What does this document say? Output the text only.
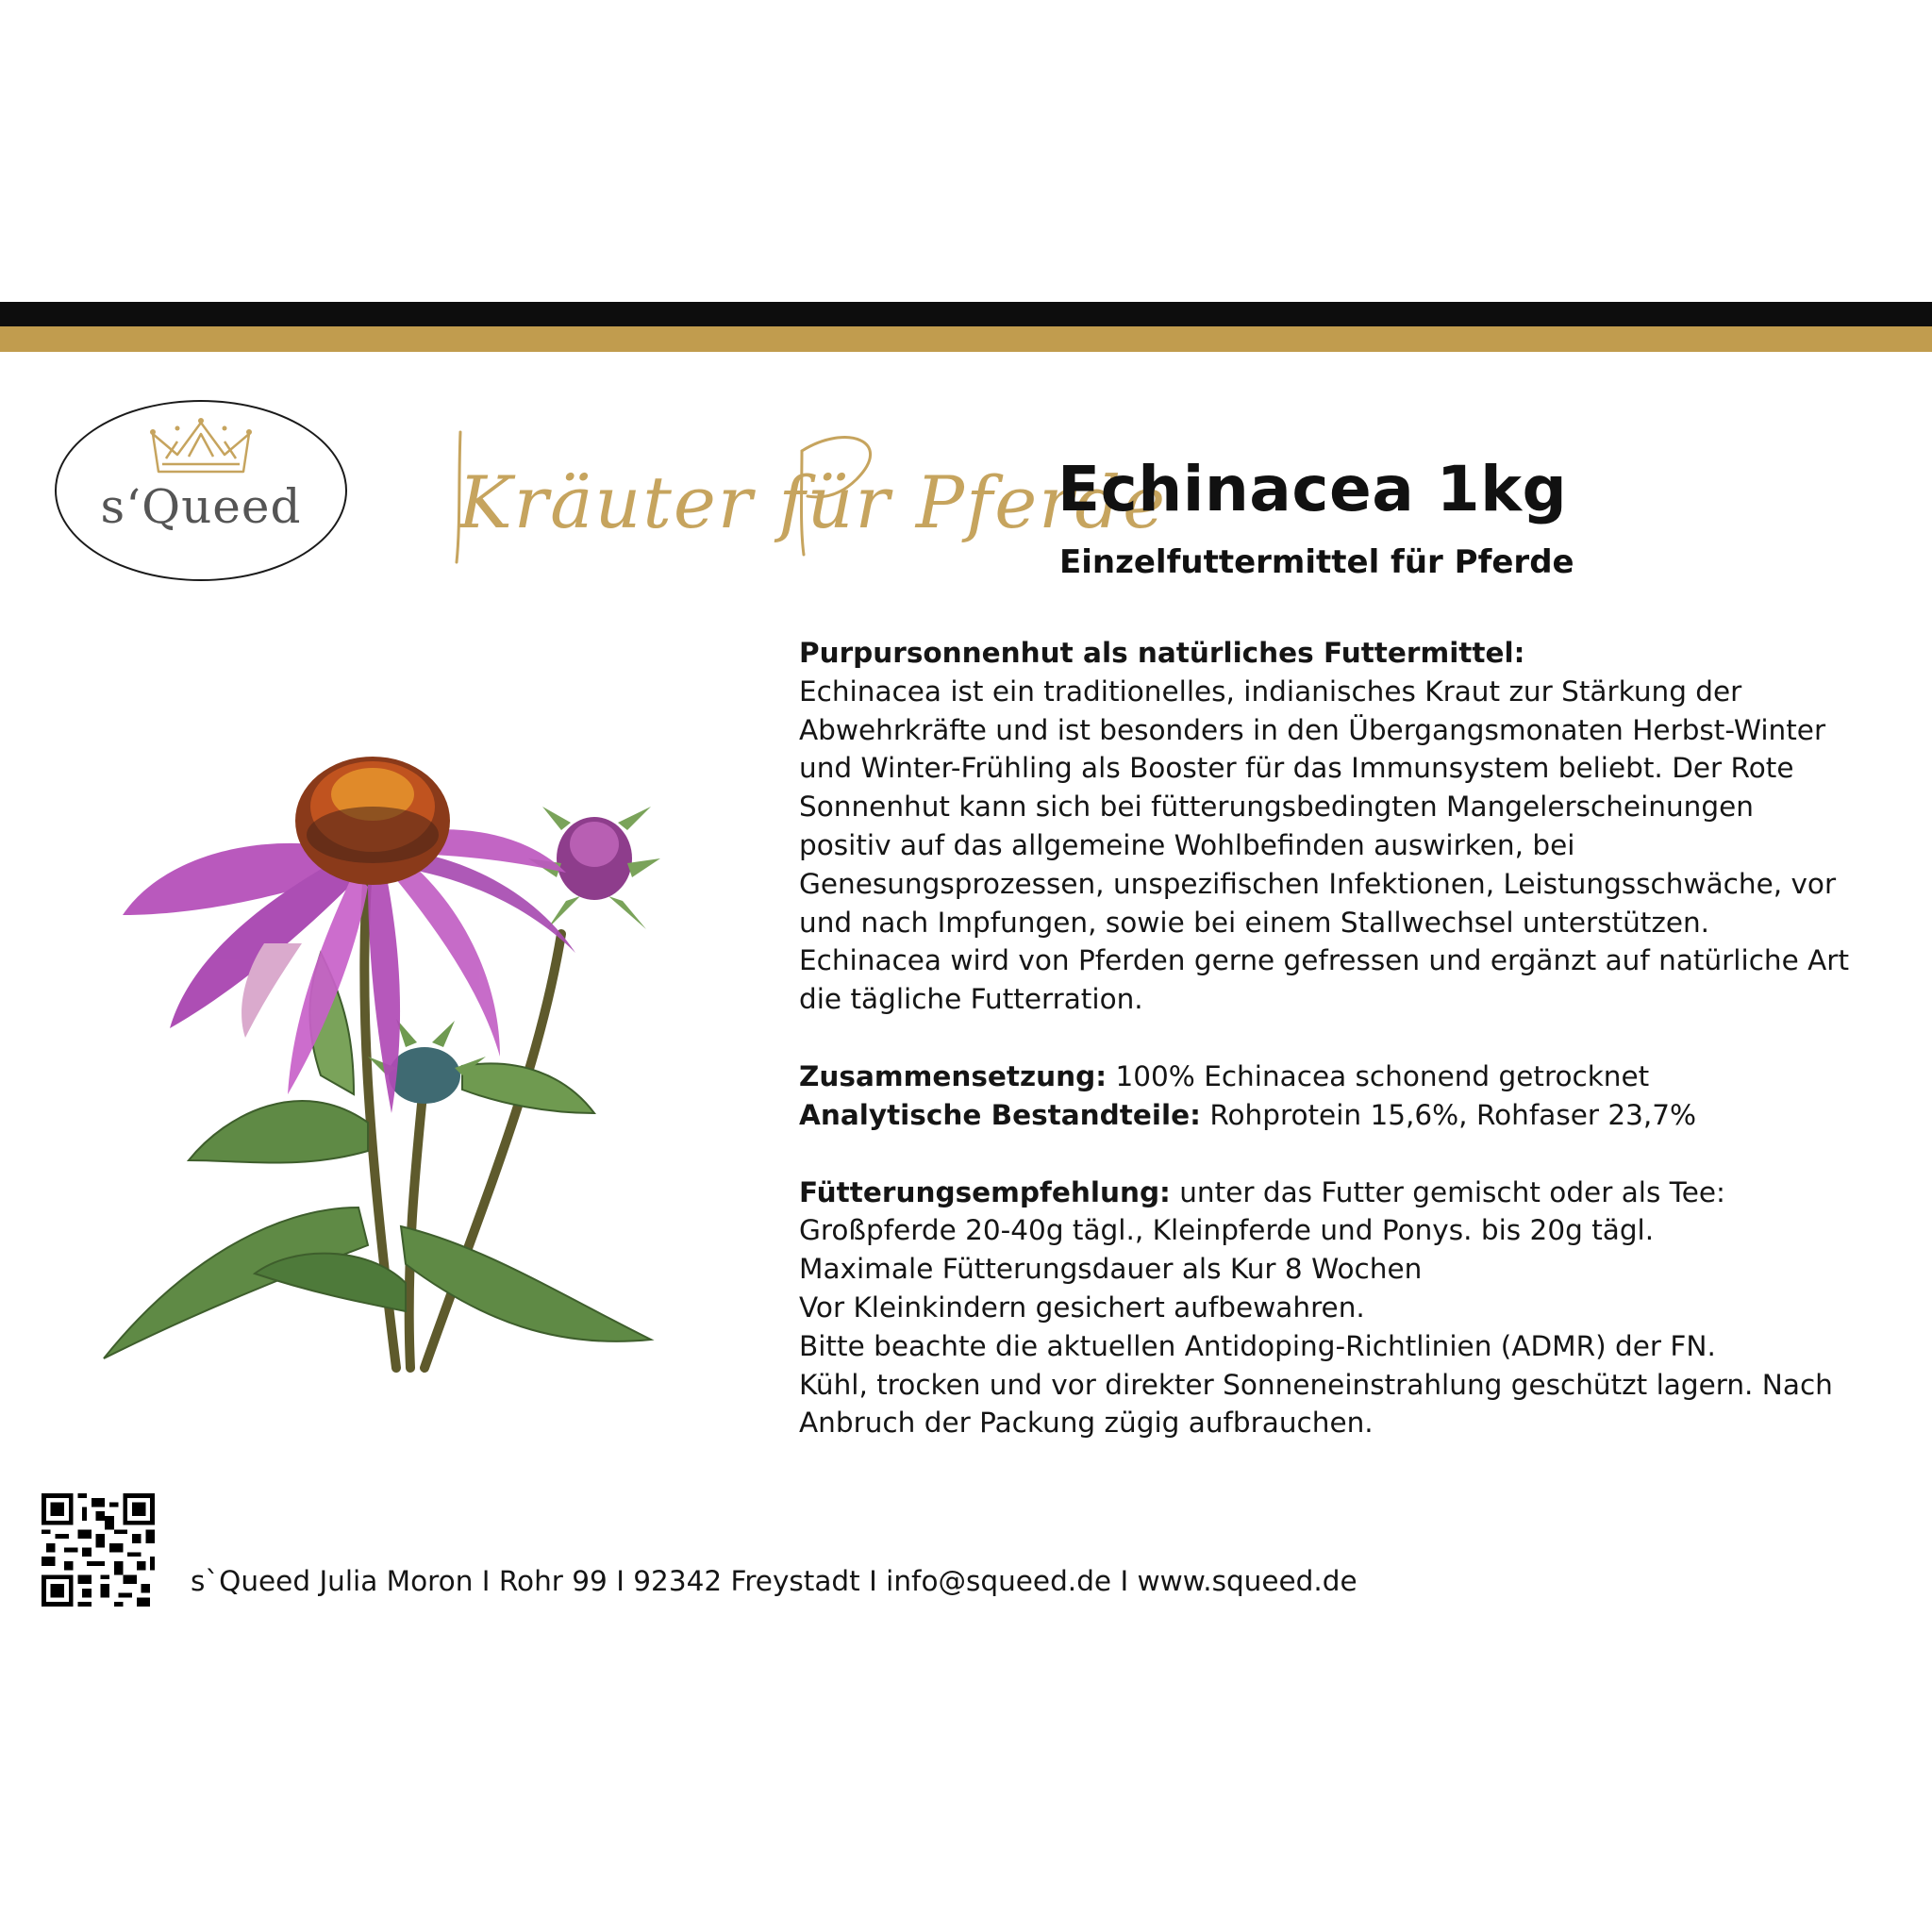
s‘Queed	Kräuter für Pferde
Echinacea 1kg
Einzelfuttermittel für Pferde

Purpursonnenhut als natürliches Futtermittel:

Echinacea ist ein traditionelles, indianisches Kraut zur Stärkung der

Abwehrkräfte und ist besonders in den Übergangsmonaten Herbst-Winter

und Winter-Frühling als Booster für das Immunsystem beliebt. Der Rote

Sonnenhut kann sich bei fütterungsbedingten Mangelerscheinungen

positiv auf das allgemeine Wohlbefinden auswirken, bei

Genesungsprozessen, unspezifischen Infektionen, Leistungsschwäche, vor

und nach Impfungen, sowie bei einem Stallwechsel unterstützen.

Echinacea wird von Pferden gerne gefressen und ergänzt auf natürliche Art

die tägliche Futterration.

Zusammensetzung: 100% Echinacea schonend getrocknet

Analytische Bestandteile: Rohprotein 15,6%, Rohfaser 23,7%

Fütterungsempfehlung: unter das Futter gemischt oder als Tee:

Großpferde 20-40g tägl., Kleinpferde und Ponys. bis 20g tägl.

Maximale Fütterungsdauer als Kur 8 Wochen

Vor Kleinkindern gesichert aufbewahren.

Bitte beachte die aktuellen Antidoping-Richtlinien (ADMR) der FN.

Kühl, trocken und vor direkter Sonneneinstrahlung geschützt lagern. Nach

Anbruch der Packung zügig aufbrauchen.

s`Queed Julia Moron I Rohr 99 I 92342 Freystadt I info@squeed.de I www.squeed.de
